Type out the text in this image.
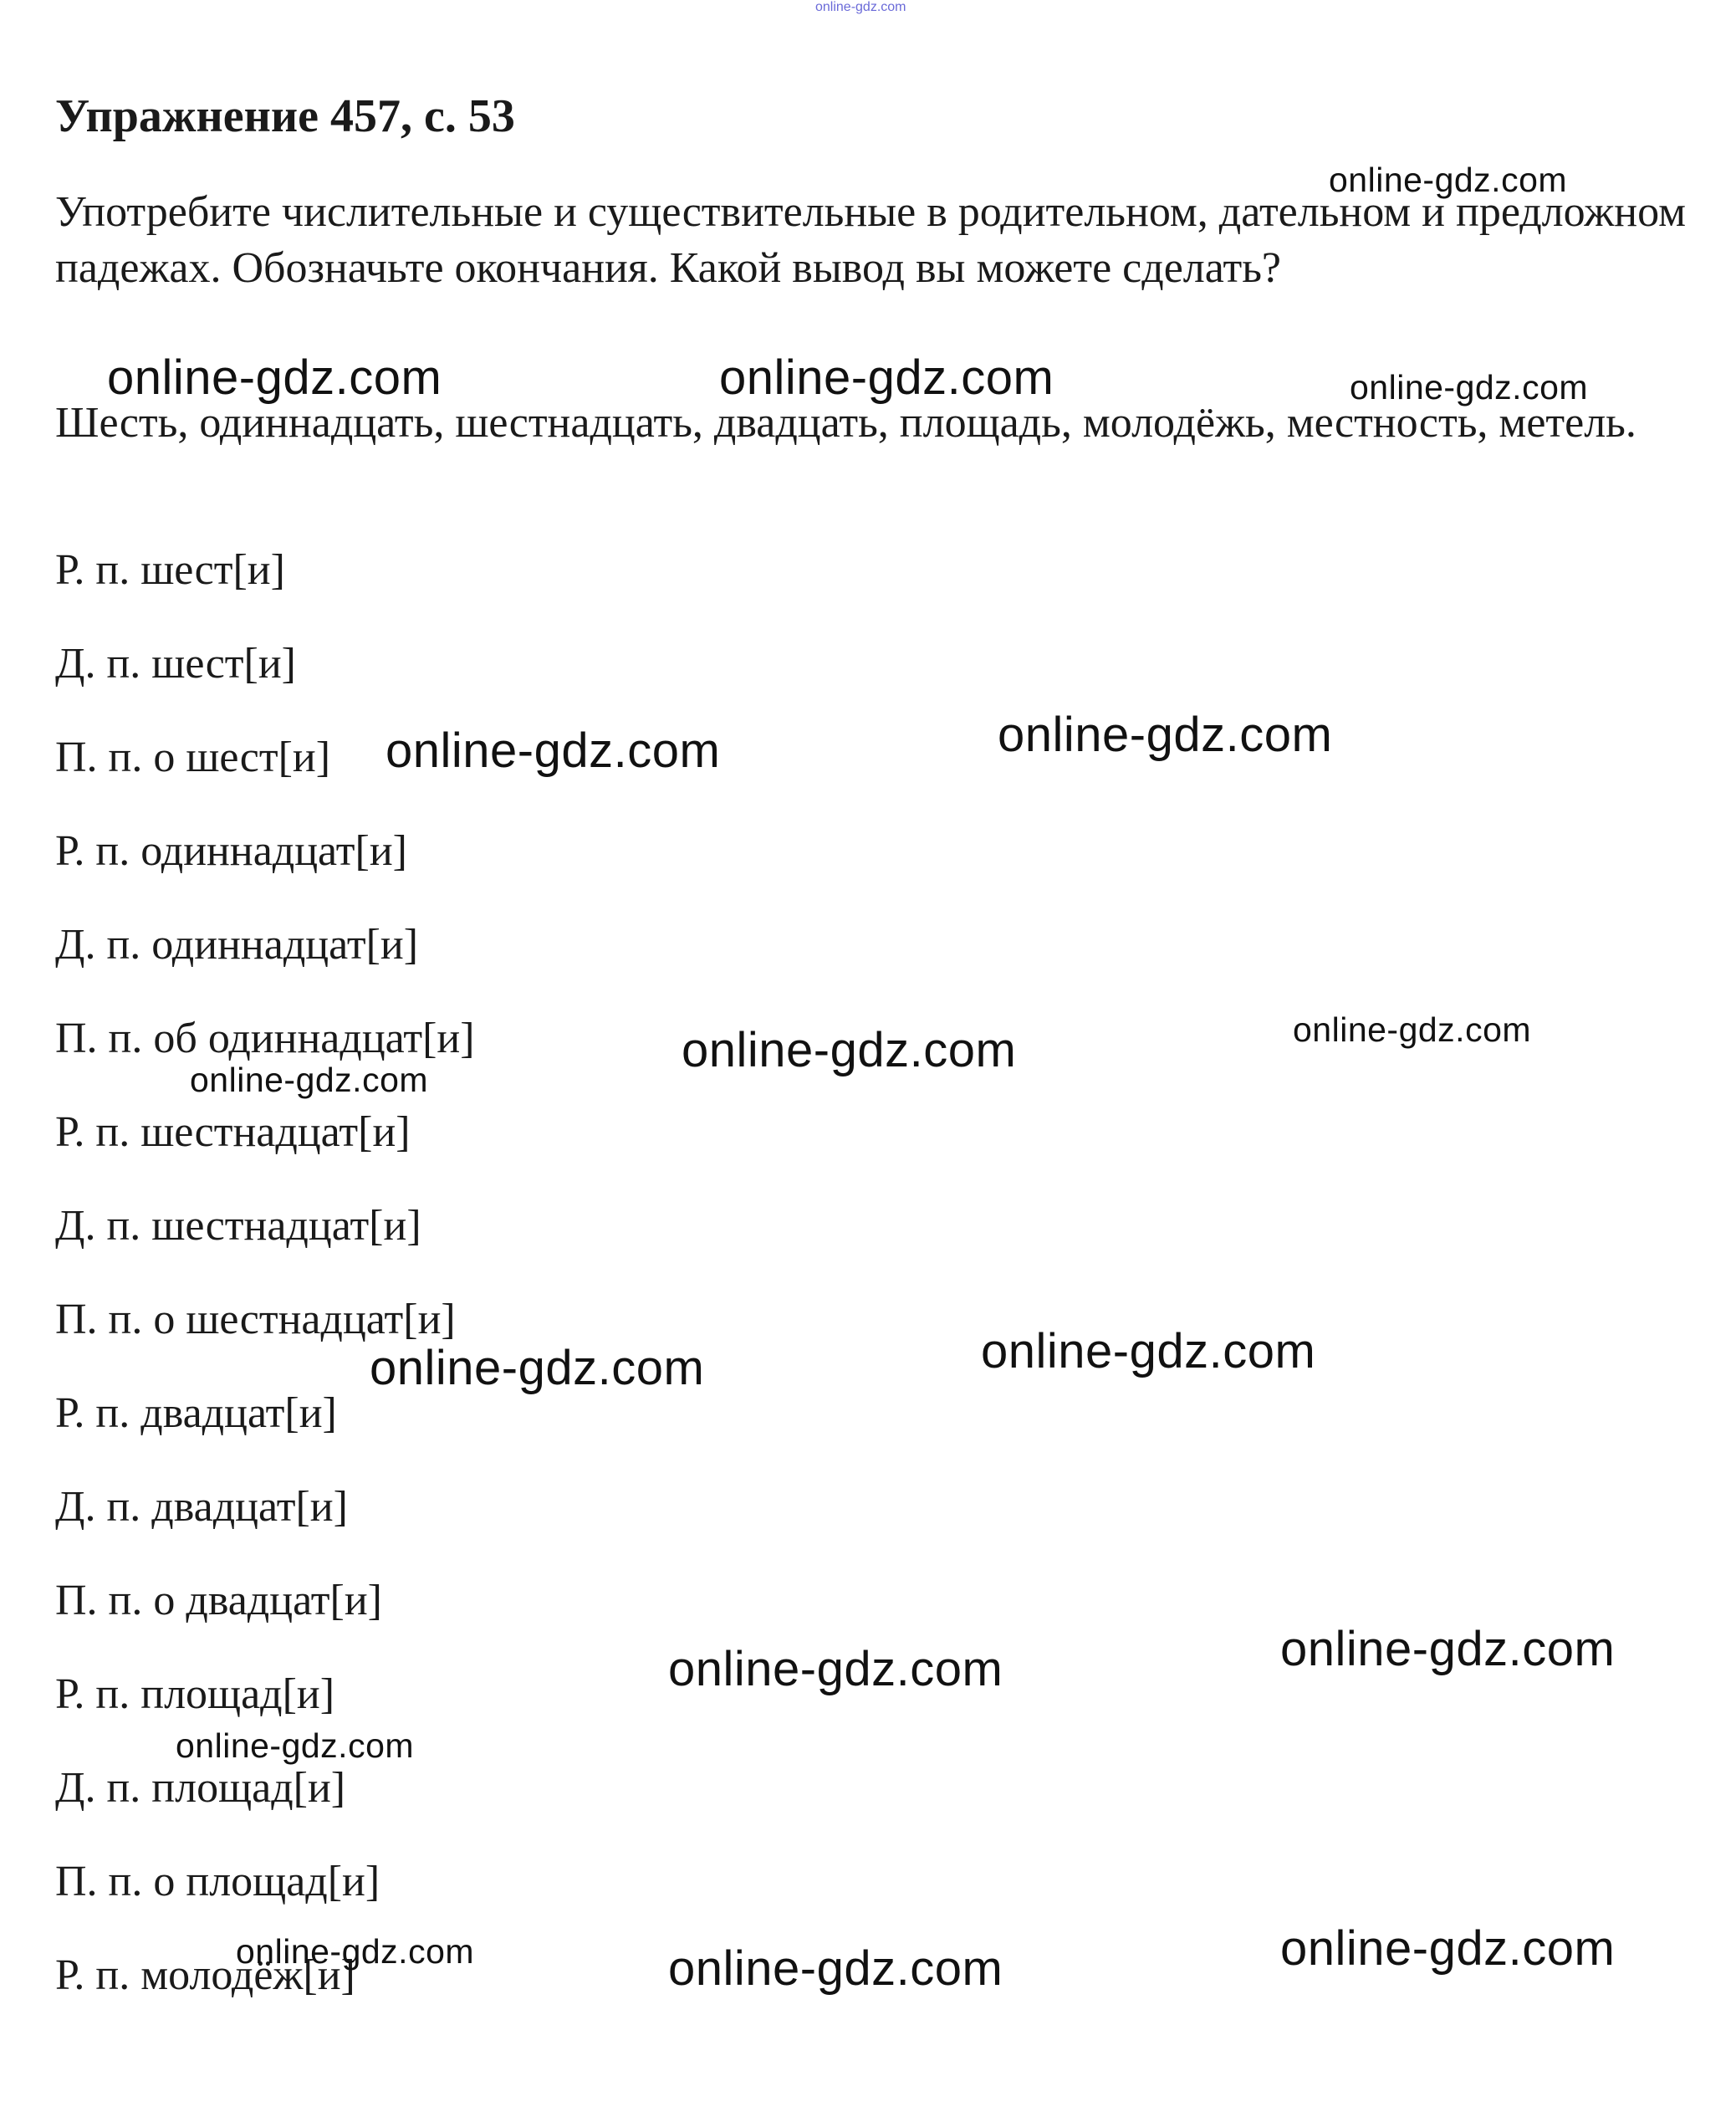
online-gdz.com
Упражнение 457, с. 53

Употребите числительные и существительные в родительном, дательном и предложном падежах. Обозначьте окончания. Какой вывод вы можете сделать?

Шесть, одиннадцать, шестнадцать, двадцать, площадь, молодёжь, местность, метель.

Р. п. шест[и]
Д. п. шест[и]
П. п. о шест[и]
Р. п. одиннадцат[и]
Д. п. одиннадцат[и]
П. п. об одиннадцат[и]
Р. п. шестнадцат[и]
Д. п. шестнадцат[и]
П. п. о шестнадцат[и]
Р. п. двадцат[и]
Д. п. двадцат[и]
П. п. о двадцат[и]
Р. п. площад[и]
Д. п. площад[и]
П. п. о площад[и]
Р. п. молодёж[и]
online-gdz.com
online-gdz.com	online-gdz.com	online-gdz.com
online-gdz.com	online-gdz.com
online-gdz.com
online-gdz.com
online-gdz.com
online-gdz.com	online-gdz.com
online-gdz.com	online-gdz.com
online-gdz.com
online-gdz.com	online-gdz.com	online-gdz.com
